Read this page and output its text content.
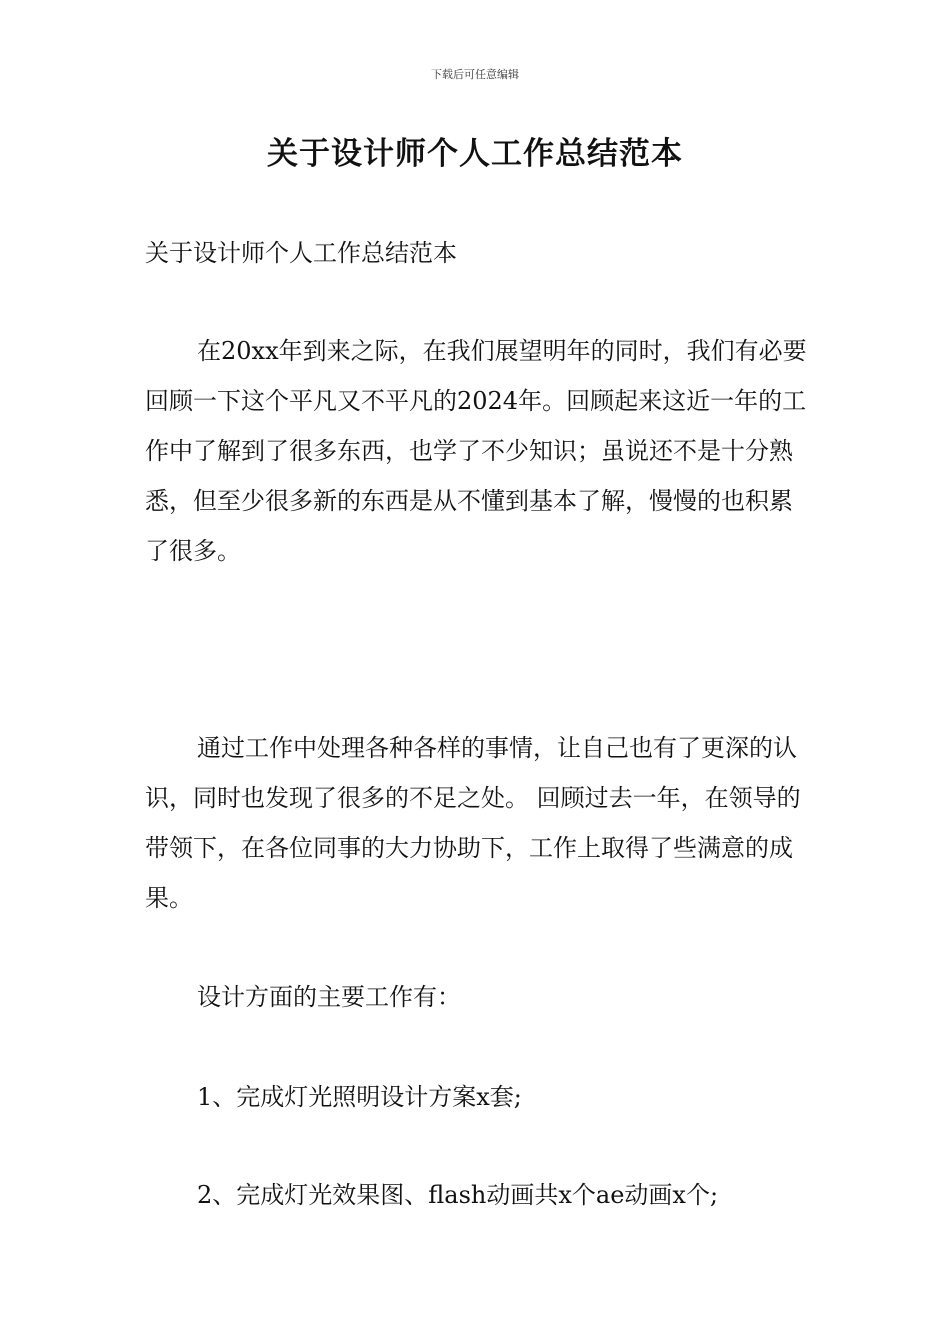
下载后可任意编辑
关于设计师个人工作总结范本

关于设计师个人工作总结范本

在20xx年到来之际，在我们展望明年的同时，我们有必要回顾一下这个平凡又不平凡的2024年。回顾起来这近一年的工作中了解到了很多东西，也学了不少知识；虽说还不是十分熟悉，但至少很多新的东西是从不懂到基本了解，慢慢的也积累了很多。

通过工作中处理各种各样的事情，让自己也有了更深的认识，同时也发现了很多的不足之处。 回顾过去一年，在领导的带领下，在各位同事的大力协助下，工作上取得了些满意的成果。

设计方面的主要工作有：

1、完成灯光照明设计方案x套;

2、完成灯光效果图、flash动画共x个ae动画x个;
